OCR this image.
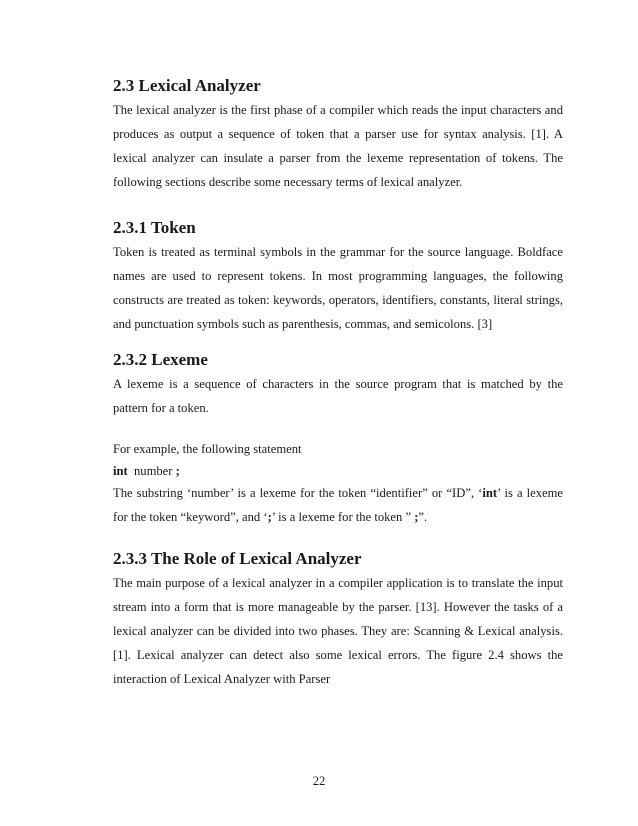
2.3 Lexical Analyzer

The lexical analyzer is the first phase of a compiler which reads the input characters and produces as output a sequence of token that a parser use for syntax analysis. [1]. A lexical analyzer can insulate a parser from the lexeme representation of tokens. The following sections describe some necessary terms of lexical analyzer.

2.3.1 Token

Token is treated as terminal symbols in the grammar for the source language. Boldface names are used to represent tokens. In most programming languages, the following constructs are treated as token: keywords, operators, identifiers, constants, literal strings, and punctuation symbols such as parenthesis, commas, and semicolons. [3]

2.3.2 Lexeme

A lexeme is a sequence of characters in the source program that is matched by the pattern for a token.

For example, the following statement

int number ;

The substring ‘number’ is a lexeme for the token “identifier” or “ID”, ‘int’ is a lexeme for the token “keyword”, and ‘;’ is a lexeme for the token ” ;”.

2.3.3 The Role of Lexical Analyzer

The main purpose of a lexical analyzer in a compiler application is to translate the input stream into a form that is more manageable by the parser. [13]. However the tasks of a lexical analyzer can be divided into two phases. They are: Scanning & Lexical analysis. [1]. Lexical analyzer can detect also some lexical errors. The figure 2.4 shows the interaction of Lexical Analyzer with Parser

22
